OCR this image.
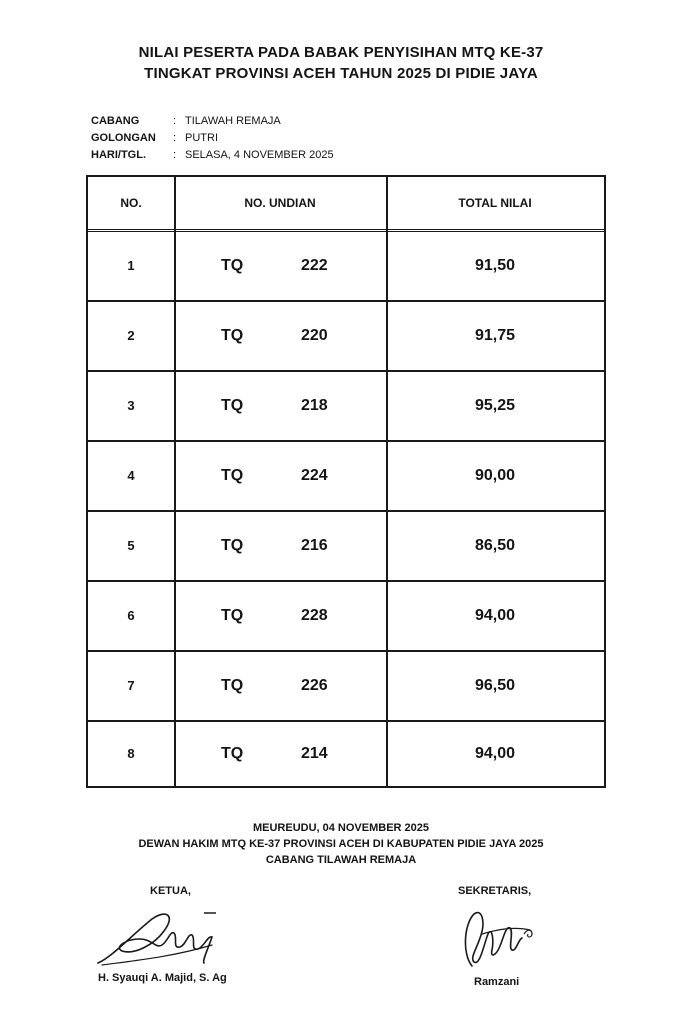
NILAI PESERTA PADA BABAK PENYISIHAN MTQ KE-37
TINGKAT PROVINSI ACEH TAHUN 2025 DI PIDIE JAYA
CABANG	: TILAWAH REMAJA
GOLONGAN	: PUTRI
HARI/TGL.	: SELASA, 4 NOVEMBER 2025
NO.	NO. UNDIAN	TOTAL NILAI
1	TQ	222	91,50
2	TQ	220	91,75
3	TQ	218	95,25
4	TQ	224	90,00
5	TQ	216	86,50
6	TQ	228	94,00
7	TQ	226	96,50
8	TQ	214	94,00
MEUREUDU, 04 NOVEMBER 2025
DEWAN HAKIM MTQ KE-37 PROVINSI ACEH DI KABUPATEN PIDIE JAYA 2025
CABANG TILAWAH REMAJA
KETUA,	SEKRETARIS,
H. Syauqi A. Majid, S. Ag	Ramzani
